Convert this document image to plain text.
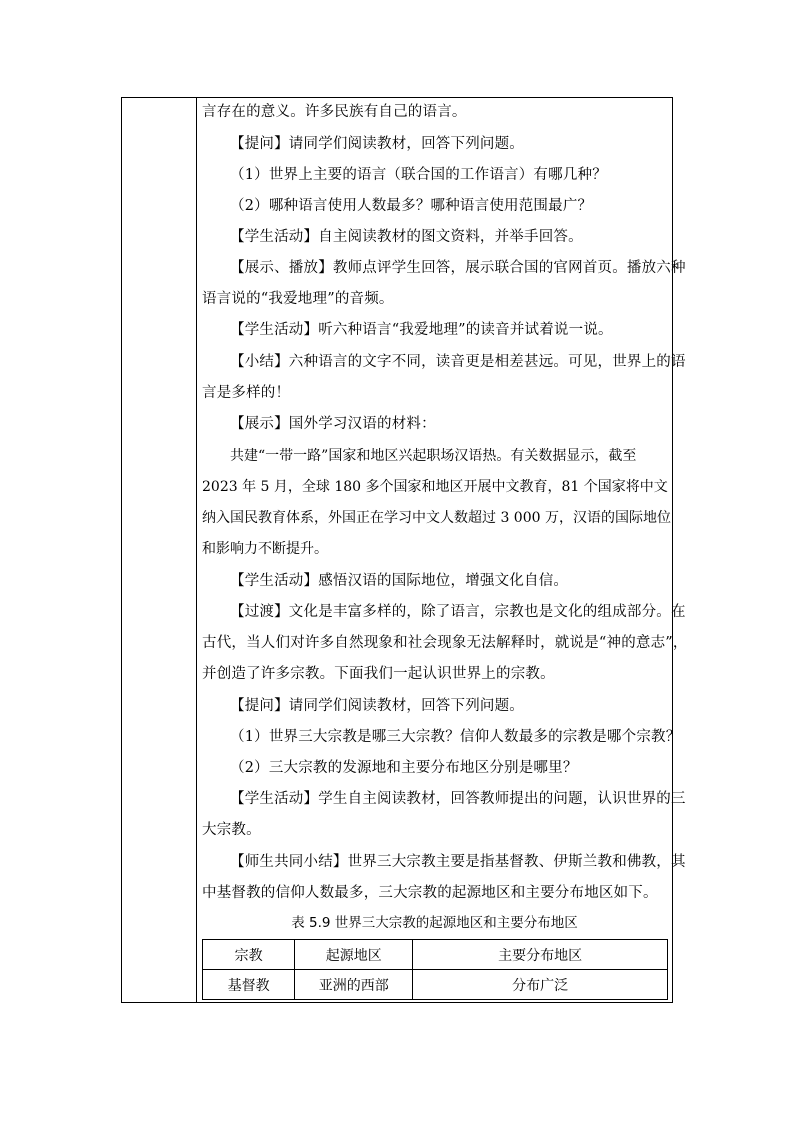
言存在的意义。许多民族有自己的语言。
【提问】请同学们阅读教材，回答下列问题。
（1）世界上主要的语言（联合国的工作语言）有哪几种？
（2）哪种语言使用人数最多？哪种语言使用范围最广？
【学生活动】自主阅读教材的图文资料，并举手回答。
【展示、播放】教师点评学生回答，展示联合国的官网首页。播放六种
语言说的“我爱地理”的音频。
【学生活动】听六种语言“我爱地理”的读音并试着说一说。
【小结】六种语言的文字不同，读音更是相差甚远。可见，世界上的语
言是多样的！
【展示】国外学习汉语的材料：
共建“一带一路”国家和地区兴起职场汉语热。有关数据显示，截至 2023 年 5 月，全球 180 多个国家和地区开展中文教育，81 个国家将中文纳入国民教育体系，外国正在学习中文人数超过 3 000 万，汉语的国际地位和影响力不断提升。
【学生活动】感悟汉语的国际地位，增强文化自信。
【过渡】文化是丰富多样的，除了语言，宗教也是文化的组成部分。在
古代，当人们对许多自然现象和社会现象无法解释时，就说是“神的意志”，
并创造了许多宗教。下面我们一起认识世界上的宗教。
【提问】请同学们阅读教材，回答下列问题。
（1）世界三大宗教是哪三大宗教？信仰人数最多的宗教是哪个宗教？
（2）三大宗教的发源地和主要分布地区分别是哪里？
【学生活动】学生自主阅读教材，回答教师提出的问题，认识世界的三
大宗教。
【师生共同小结】世界三大宗教主要是指基督教、伊斯兰教和佛教，其
中基督教的信仰人数最多，三大宗教的起源地区和主要分布地区如下。
表 5.9 世界三大宗教的起源地区和主要分布地区
宗教	起源地区	主要分布地区
基督教	亚洲的西部	分布广泛
